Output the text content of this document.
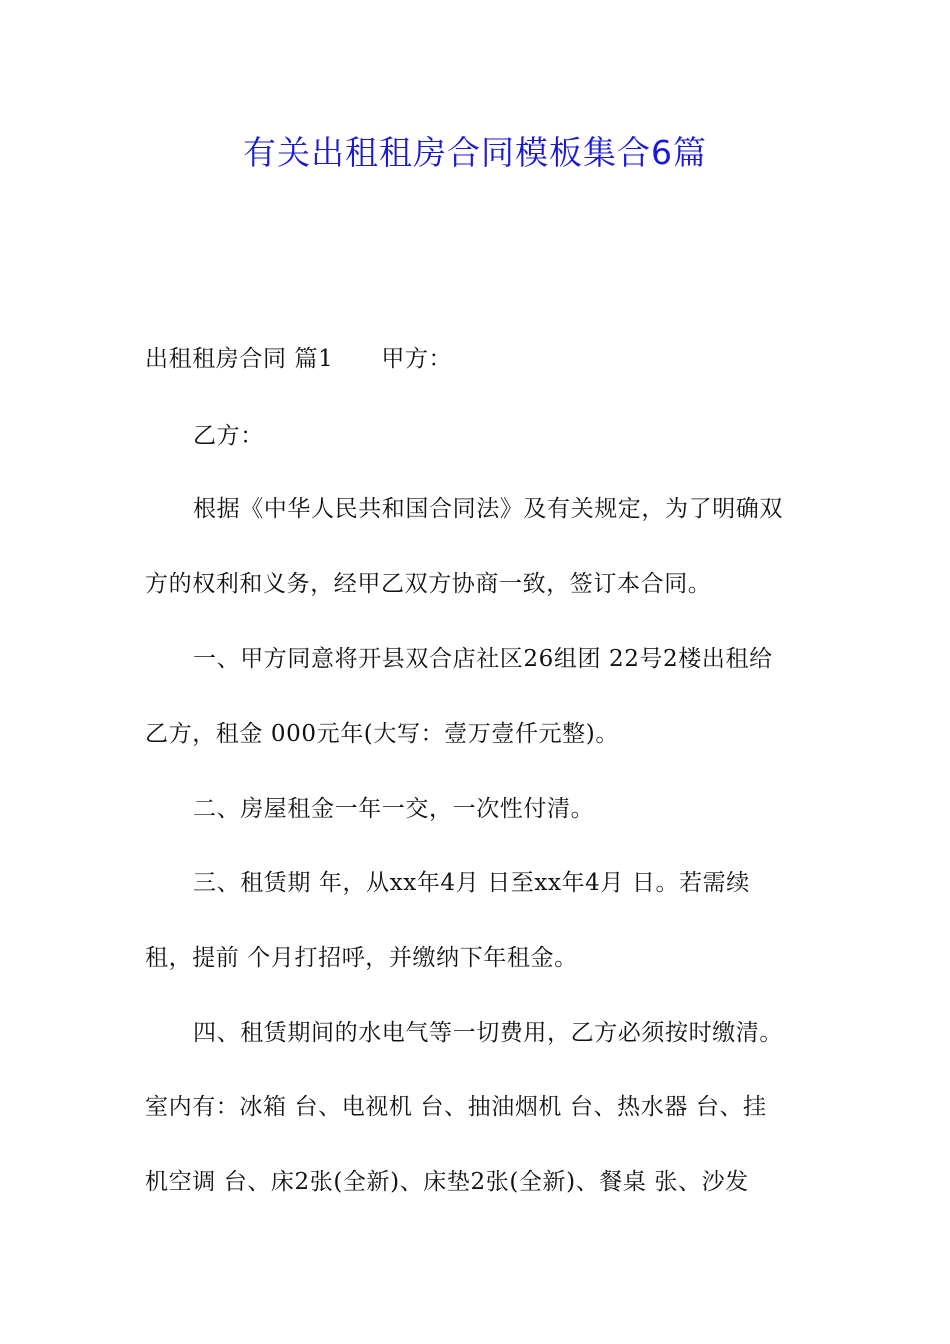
有关出租租房合同模板集合6篇
出租租房合同 篇1 甲方：
乙方：
根据《中华人民共和国合同法》及有关规定，为了明确双
方的权利和义务，经甲乙双方协商一致，签订本合同。
一、甲方同意将开县双合店社区26组团 22号2楼出租给
乙方，租金 000元年(大写：壹万壹仟元整)。
二、房屋租金一年一交，一次性付清。
三、租赁期 年，从xx年4月 日至xx年4月 日。若需续
租，提前 个月打招呼，并缴纳下年租金。
四、租赁期间的水电气等一切费用，乙方必须按时缴清。
室内有：冰箱 台、电视机 台、抽油烟机 台、热水器 台、挂
机空调 台、床2张(全新)、床垫2张(全新)、餐桌 张、沙发
